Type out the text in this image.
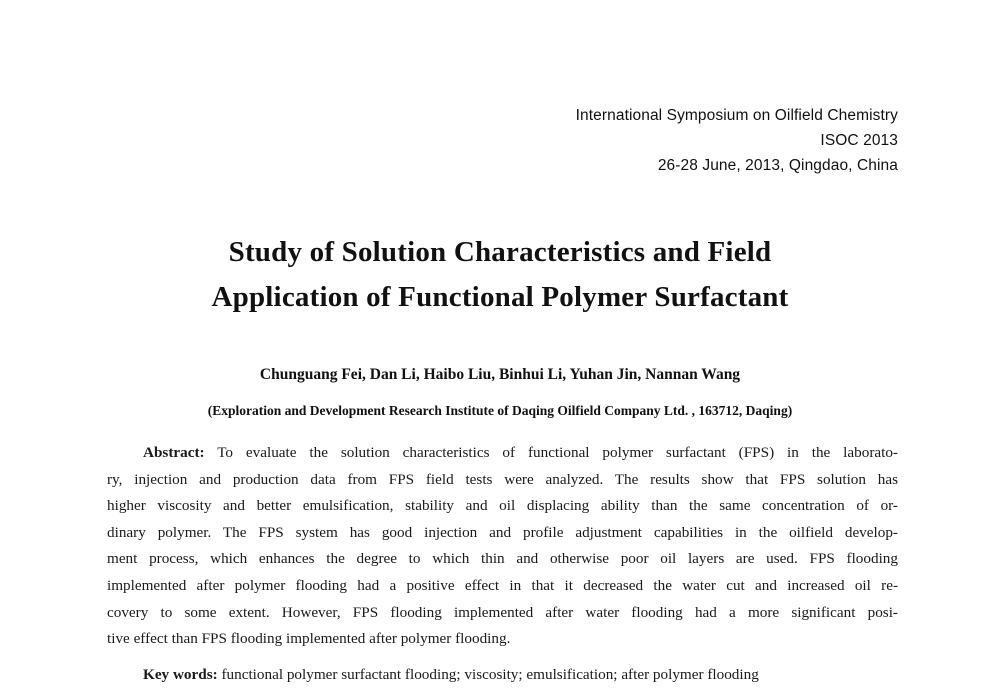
International Symposium on Oilfield Chemistry
ISOC 2013
26-28 June, 2013, Qingdao, China
Study of Solution Characteristics and Field
Application of Functional Polymer Surfactant
Chunguang Fei, Dan Li, Haibo Liu, Binhui Li, Yuhan Jin, Nannan Wang
(Exploration and Development Research Institute of Daqing Oilfield Company Ltd. , 163712, Daqing)
Abstract: To evaluate the solution characteristics of functional polymer surfactant (FPS) in the laborato-
ry, injection and production data from FPS field tests were analyzed. The results show that FPS solution has
higher viscosity and better emulsification, stability and oil displacing ability than the same concentration of or-
dinary polymer. The FPS system has good injection and profile adjustment capabilities in the oilfield develop-
ment process, which enhances the degree to which thin and otherwise poor oil layers are used. FPS flooding
implemented after polymer flooding had a positive effect in that it decreased the water cut and increased oil re-
covery to some extent. However, FPS flooding implemented after water flooding had a more significant posi-
tive effect than FPS flooding implemented after polymer flooding.
Key words: functional polymer surfactant flooding; viscosity; emulsification; after polymer flooding
